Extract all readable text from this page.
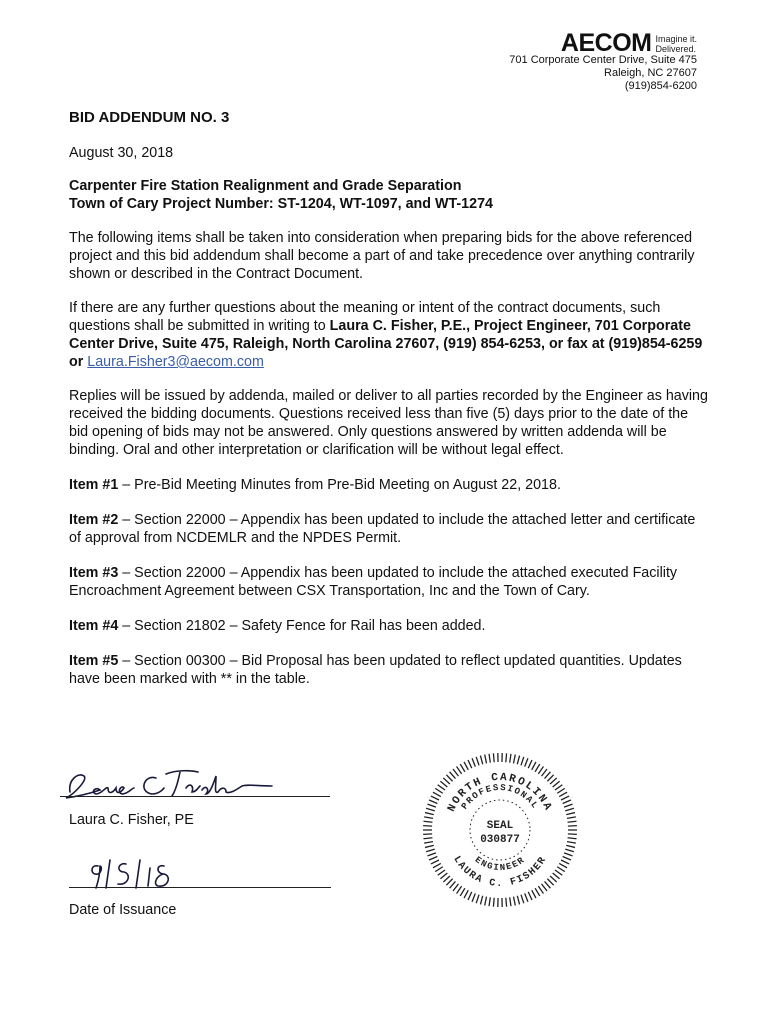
AECOM Imagine it.
Delivered.
701 Corporate Center Drive, Suite 475
Raleigh, NC 27607
(919)854-6200

BID ADDENDUM NO. 3

August 30, 2018

Carpenter Fire Station Realignment and Grade Separation
Town of Cary Project Number: ST-1204, WT-1097, and WT-1274

The following items shall be taken into consideration when preparing bids for the above referenced project and this bid addendum shall become a part of and take precedence over anything contrarily shown or described in the Contract Document.

If there are any further questions about the meaning or intent of the contract documents, such questions shall be submitted in writing to Laura C. Fisher, P.E., Project Engineer, 701 Corporate Center Drive, Suite 475, Raleigh, North Carolina 27607, (919) 854-6253, or fax at (919)854-6259 or Laura.Fisher3@aecom.com

Replies will be issued by addenda, mailed or deliver to all parties recorded by the Engineer as having received the bidding documents. Questions received less than five (5) days prior to the date of the bid opening of bids may not be answered. Only questions answered by written addenda will be binding. Oral and other interpretation or clarification will be without legal effect.

Item #1 – Pre-Bid Meeting Minutes from Pre-Bid Meeting on August 22, 2018.

Item #2 – Section 22000 – Appendix has been updated to include the attached letter and certificate of approval from NCDEMLR and the NPDES Permit.

Item #3 – Section 22000 – Appendix has been updated to include the attached executed Facility Encroachment Agreement between CSX Transportation, Inc and the Town of Cary.

Item #4 – Section 21802 – Safety Fence for Rail has been added.

Item #5 – Section 00300 – Bid Proposal has been updated to reflect updated quantities. Updates have been marked with ** in the table.

Laura C. Fisher, PE
Date of Issuance
NORTH CAROLINA
PROFESSIONAL
ENGINEER
LAURA C. FISHER
SEAL
030877
